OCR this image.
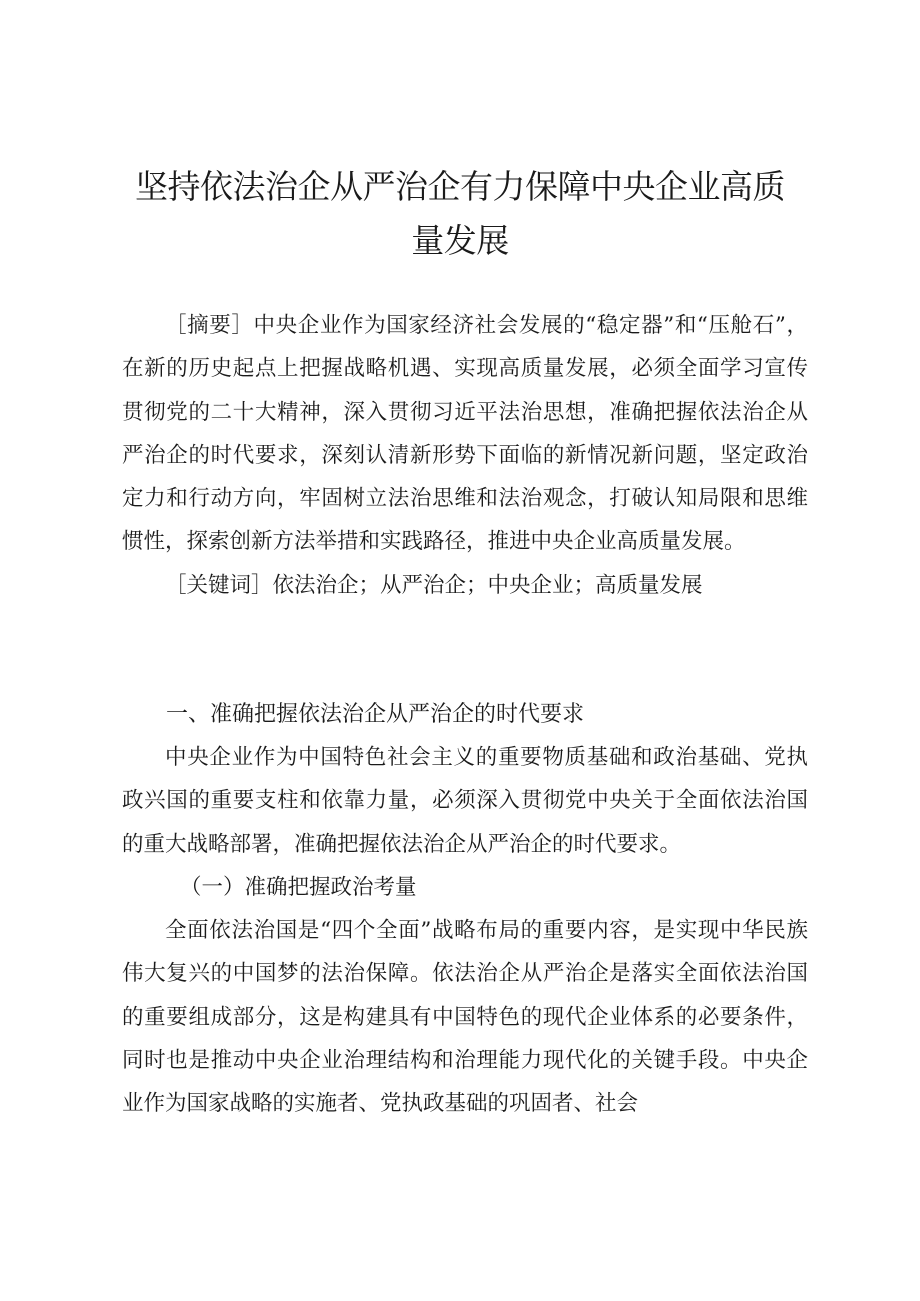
坚持依法治企从严治企有力保障中央企业高质量发展

［摘要］中央企业作为国家经济社会发展的“稳定器”和“压舱石”，在新的历史起点上把握战略机遇、实现高质量发展，必须全面学习宣传贯彻党的二十大精神，深入贯彻习近平法治思想，准确把握依法治企从严治企的时代要求，深刻认清新形势下面临的新情况新问题，坚定政治定力和行动方向，牢固树立法治思维和法治观念，打破认知局限和思维惯性，探索创新方法举措和实践路径，推进中央企业高质量发展。

［关键词］依法治企；从严治企；中央企业；高质量发展

一、准确把握依法治企从严治企的时代要求

中央企业作为中国特色社会主义的重要物质基础和政治基础、党执政兴国的重要支柱和依靠力量，必须深入贯彻党中央关于全面依法治国的重大战略部署，准确把握依法治企从严治企的时代要求。

（一）准确把握政治考量

全面依法治国是“四个全面”战略布局的重要内容，是实现中华民族伟大复兴的中国梦的法治保障。依法治企从严治企是落实全面依法治国的重要组成部分，这是构建具有中国特色的现代企业体系的必要条件，同时也是推动中央企业治理结构和治理能力现代化的关键手段。中央企业作为国家战略的实施者、党执政基础的巩固者、社会
